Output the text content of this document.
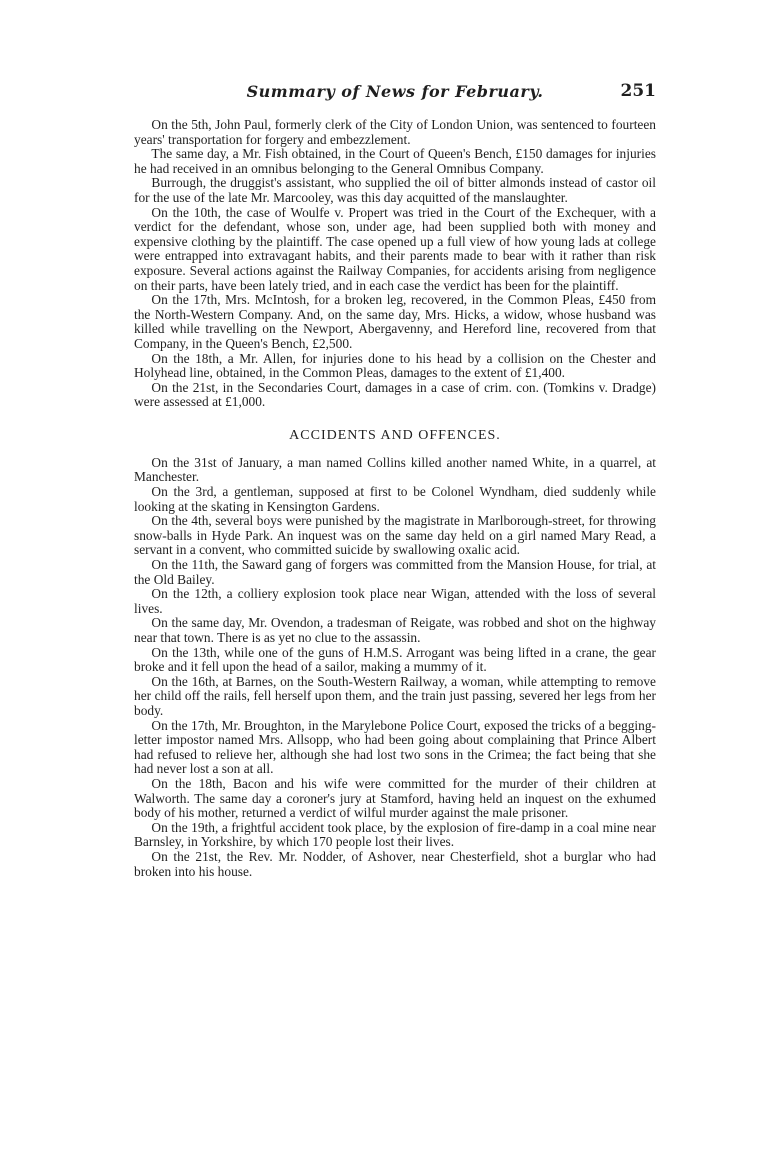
Summary of News for February.	251

On the 5th, John Paul, formerly clerk of the City of London Union, was sentenced to fourteen years' transportation for forgery and embezzlement.

The same day, a Mr. Fish obtained, in the Court of Queen's Bench, £150 damages for injuries he had received in an omnibus belonging to the General Omnibus Company.

Burrough, the druggist's assistant, who supplied the oil of bitter almonds instead of castor oil for the use of the late Mr. Marcooley, was this day acquitted of the manslaughter.

On the 10th, the case of Woulfe v. Propert was tried in the Court of the Exchequer, with a verdict for the defendant, whose son, under age, had been supplied both with money and expensive clothing by the plaintiff. The case opened up a full view of how young lads at college were entrapped into extravagant habits, and their parents made to bear with it rather than risk exposure. Several actions against the Railway Companies, for accidents arising from negligence on their parts, have been lately tried, and in each case the verdict has been for the plaintiff.

On the 17th, Mrs. McIntosh, for a broken leg, recovered, in the Common Pleas, £450 from the North-Western Company. And, on the same day, Mrs. Hicks, a widow, whose husband was killed while travelling on the Newport, Abergavenny, and Hereford line, recovered from that Company, in the Queen's Bench, £2,500.

On the 18th, a Mr. Allen, for injuries done to his head by a collision on the Chester and Holyhead line, obtained, in the Common Pleas, damages to the extent of £1,400.

On the 21st, in the Secondaries Court, damages in a case of crim. con. (Tomkins v. Dradge) were assessed at £1,000.

ACCIDENTS AND OFFENCES.

On the 31st of January, a man named Collins killed another named White, in a quarrel, at Manchester.

On the 3rd, a gentleman, supposed at first to be Colonel Wyndham, died suddenly while looking at the skating in Kensington Gardens.

On the 4th, several boys were punished by the magistrate in Marlborough-street, for throwing snow-balls in Hyde Park. An inquest was on the same day held on a girl named Mary Read, a servant in a convent, who committed suicide by swallowing oxalic acid.

On the 11th, the Saward gang of forgers was committed from the Mansion House, for trial, at the Old Bailey.

On the 12th, a colliery explosion took place near Wigan, attended with the loss of several lives.

On the same day, Mr. Ovendon, a tradesman of Reigate, was robbed and shot on the highway near that town. There is as yet no clue to the assassin.

On the 13th, while one of the guns of H.M.S. Arrogant was being lifted in a crane, the gear broke and it fell upon the head of a sailor, making a mummy of it.

On the 16th, at Barnes, on the South-Western Railway, a woman, while attempting to remove her child off the rails, fell herself upon them, and the train just passing, severed her legs from her body.

On the 17th, Mr. Broughton, in the Marylebone Police Court, exposed the tricks of a begging-letter impostor named Mrs. Allsopp, who had been going about complaining that Prince Albert had refused to relieve her, although she had lost two sons in the Crimea; the fact being that she had never lost a son at all.

On the 18th, Bacon and his wife were committed for the murder of their children at Walworth. The same day a coroner's jury at Stamford, having held an inquest on the exhumed body of his mother, returned a verdict of wilful murder against the male prisoner.

On the 19th, a frightful accident took place, by the explosion of fire-damp in a coal mine near Barnsley, in Yorkshire, by which 170 people lost their lives.

On the 21st, the Rev. Mr. Nodder, of Ashover, near Chesterfield, shot a burglar who had broken into his house.
